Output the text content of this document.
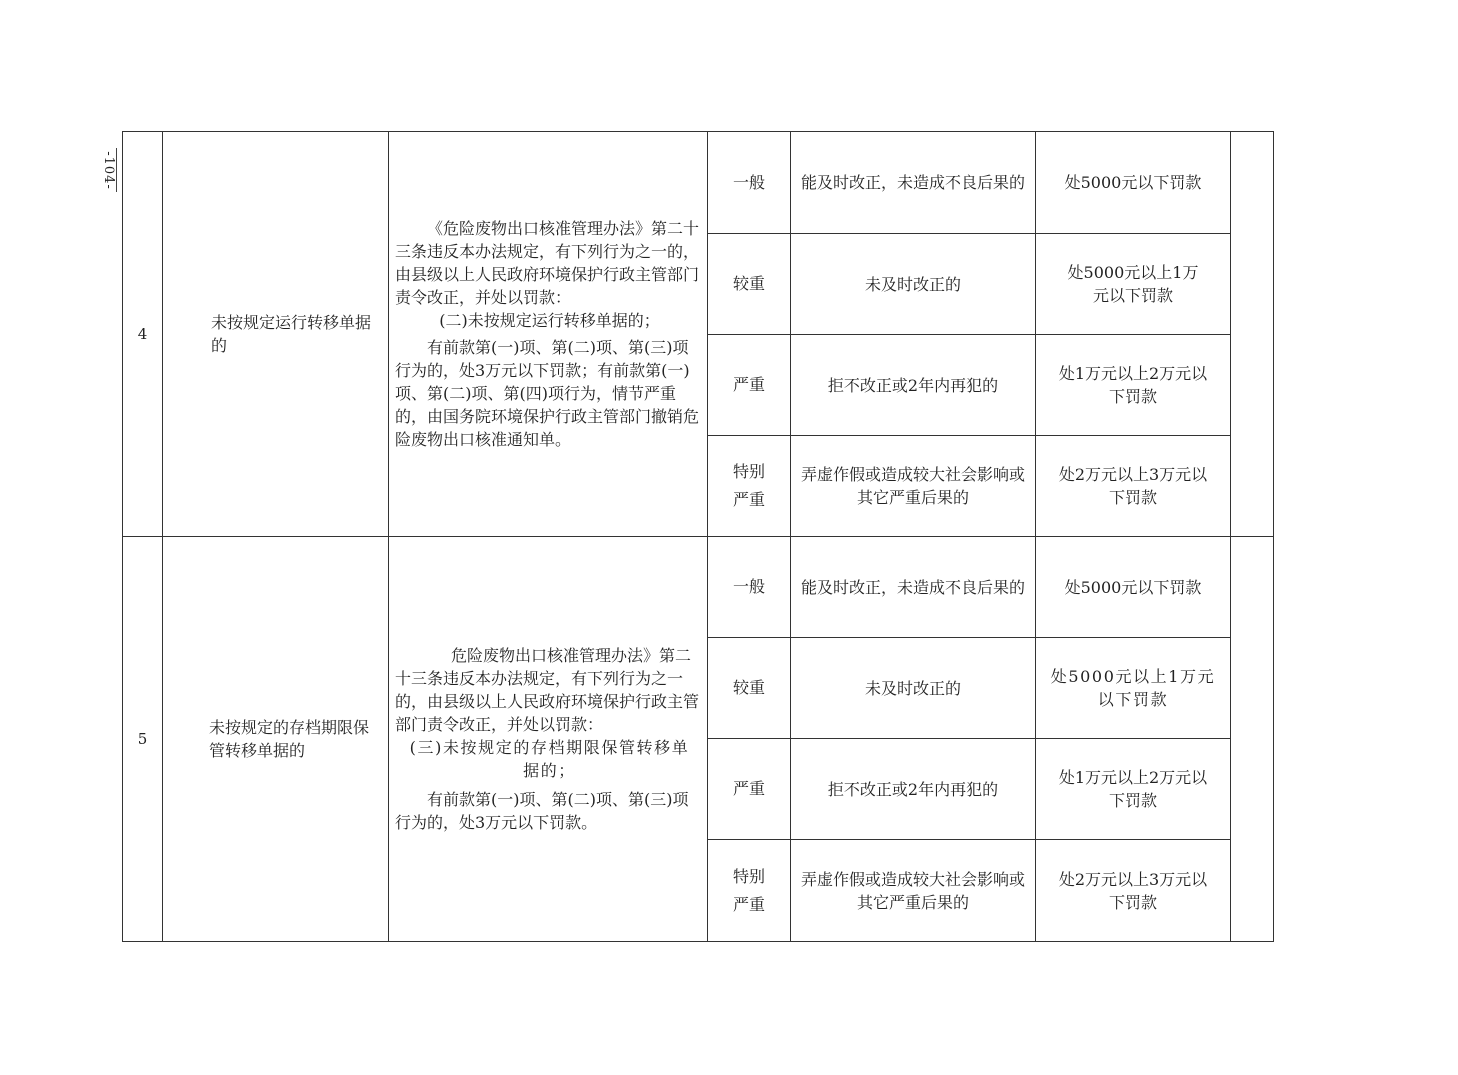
-104-
4	未按规定运行转移单据的	《危险废物出口核准管理办法》第二十三条违反本办法规定，有下列行为之一的，由县级以上人民政府环境保护行政主管部门责令改正，并处以罚款：

(二)未按规定运行转移单据的；

有前款第(一)项、第(二)项、第(三)项行为的，处3万元以下罚款；有前款第(一)项、第(二)项、第(四)项行为，情节严重的，由国务院环境保护行政主管部门撤销危险废物出口核准通知单。	一般	能及时改正，未造成不良后果的	处5000元以下罚款	
			较重	未及时改正的	处5000元以上1万元以下罚款	
			严重	拒不改正或2年内再犯的	处1万元以上2万元以下罚款	
			特别严重	弄虚作假或造成较大社会影响或其它严重后果的	处2万元以上3万元以下罚款	
5	未按规定的存档期限保管转移单据的	危险废物出口核准管理办法》第二十三条违反本办法规定，有下列行为之一的，由县级以上人民政府环境保护行政主管部门责令改正，并处以罚款：

(三)未按规定的存档期限保管转移单据的；

有前款第(一)项、第(二)项、第(三)项行为的，处3万元以下罚款。	一般	能及时改正，未造成不良后果的	处5000元以下罚款	
			较重	未及时改正的	处5000元以上1万元以下罚款	
			严重	拒不改正或2年内再犯的	处1万元以上2万元以下罚款	
			特别严重	弄虚作假或造成较大社会影响或其它严重后果的	处2万元以上3万元以下罚款	
